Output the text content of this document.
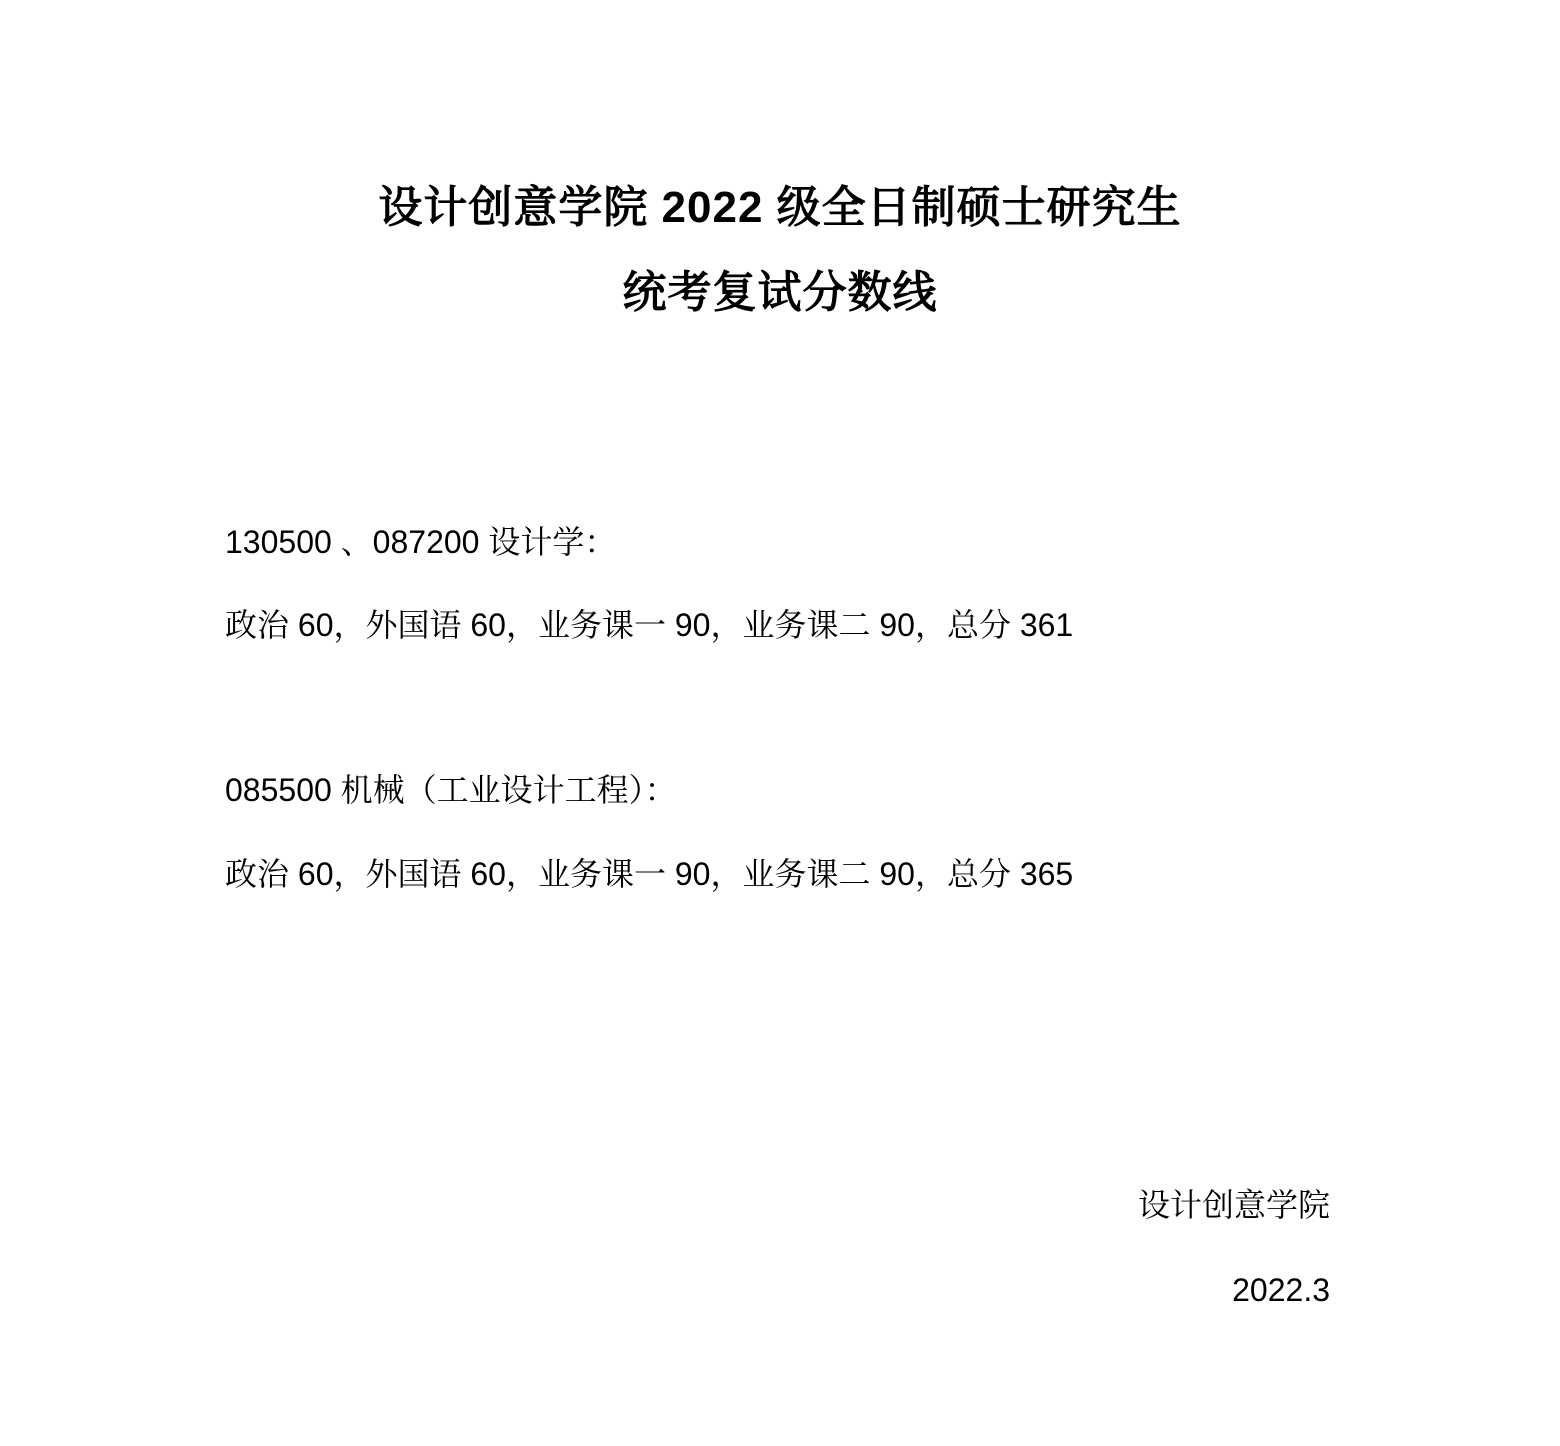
设计创意学院 2022 级全日制硕士研究生
统考复试分数线
130500 、087200 设计学：
政治 60，外国语 60，业务课一 90，业务课二 90，总分 361
085500 机械（工业设计工程）：
政治 60，外国语 60，业务课一 90，业务课二 90，总分 365
设计创意学院
2022.3
